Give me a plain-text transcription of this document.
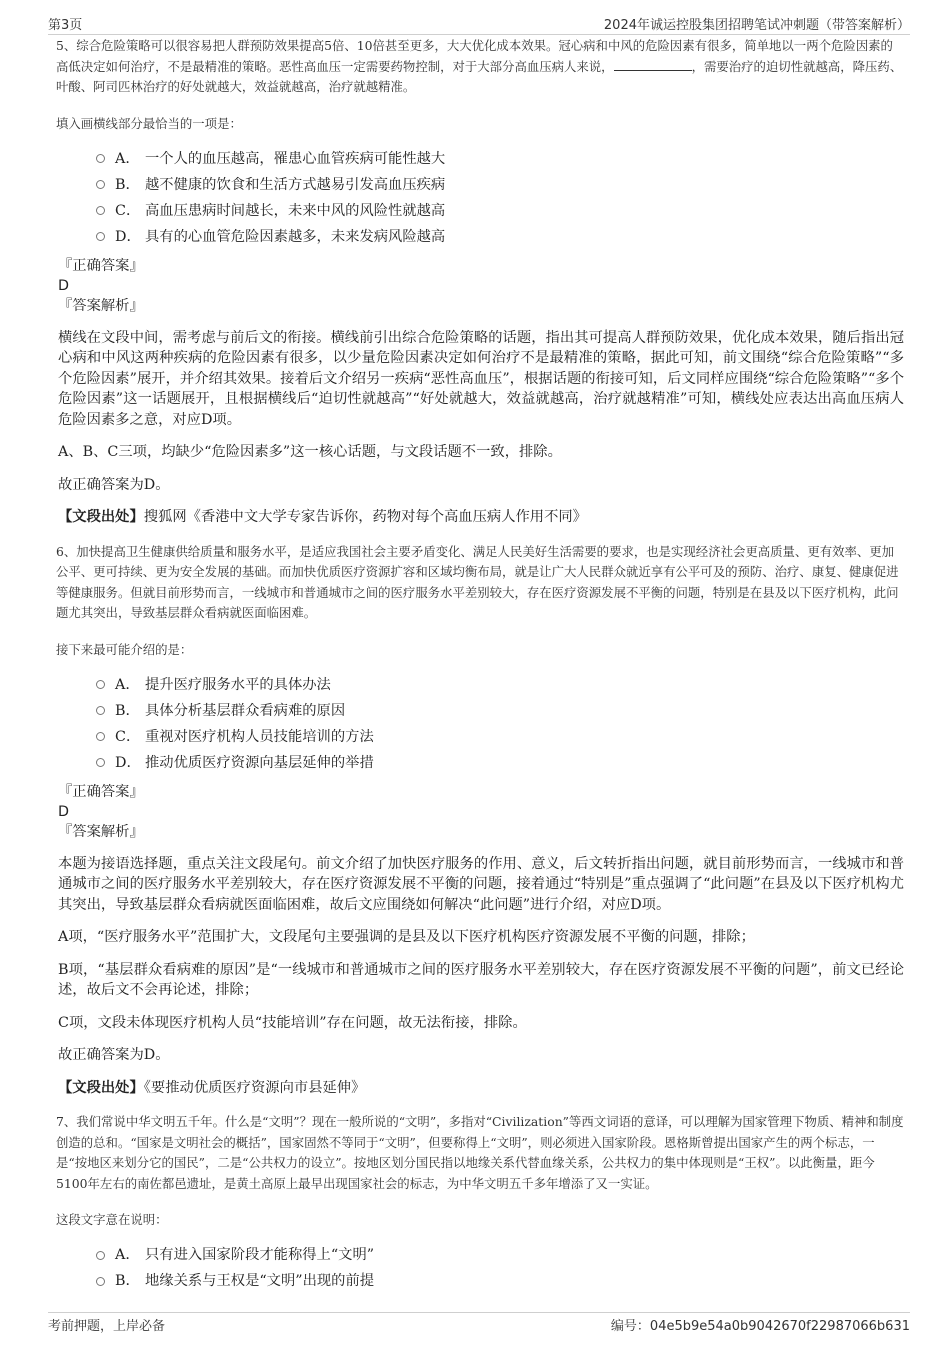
第3页	2024年诚运控股集团招聘笔试冲刺题（带答案解析）

5、综合危险策略可以很容易把人群预防效果提高5倍、10倍甚至更多，大大优化成本效果。冠心病和中风的危险因素有很多，简单地以一两个危险因素的高低决定如何治疗，不是最精准的策略。恶性高血压一定需要药物控制，对于大部分高血压病人来说，	，需要治疗的迫切性就越高，降压药、叶酸、阿司匹林治疗的好处就越大，效益就越高，治疗就越精准。

填入画横线部分最恰当的一项是：

A． 一个人的血压越高，罹患心血管疾病可能性越大
B． 越不健康的饮食和生活方式越易引发高血压疾病
C． 高血压患病时间越长，未来中风的风险性就越高
D． 具有的心血管危险因素越多，未来发病风险越高
『正确答案』
D
『答案解析』

横线在文段中间，需考虑与前后文的衔接。横线前引出综合危险策略的话题，指出其可提高人群预防效果，优化成本效果，随后指出冠心病和中风这两种疾病的危险因素有很多，以少量危险因素决定如何治疗不是最精准的策略，据此可知，前文围绕“综合危险策略”“多个危险因素”展开，并介绍其效果。接着后文介绍另一疾病“恶性高血压”，根据话题的衔接可知，后文同样应围绕“综合危险策略”“多个危险因素”这一话题展开，且根据横线后“迫切性就越高”“好处就越大，效益就越高，治疗就越精准”可知，横线处应表达出高血压病人危险因素多之意，对应D项。

A、B、C三项，均缺少“危险因素多”这一核心话题，与文段话题不一致，排除。

故正确答案为D。

【文段出处】搜狐网《香港中文大学专家告诉你，药物对每个高血压病人作用不同》

6、加快提高卫生健康供给质量和服务水平，是适应我国社会主要矛盾变化、满足人民美好生活需要的要求，也是实现经济社会更高质量、更有效率、更加公平、更可持续、更为安全发展的基础。而加快优质医疗资源扩容和区域均衡布局，就是让广大人民群众就近享有公平可及的预防、治疗、康复、健康促进等健康服务。但就目前形势而言，一线城市和普通城市之间的医疗服务水平差别较大，存在医疗资源发展不平衡的问题，特别是在县及以下医疗机构，此问题尤其突出，导致基层群众看病就医面临困难。

接下来最可能介绍的是：

A． 提升医疗服务水平的具体办法
B． 具体分析基层群众看病难的原因
C． 重视对医疗机构人员技能培训的方法
D． 推动优质医疗资源向基层延伸的举措
『正确答案』
D
『答案解析』

本题为接语选择题，重点关注文段尾句。前文介绍了加快医疗服务的作用、意义，后文转折指出问题，就目前形势而言，一线城市和普通城市之间的医疗服务水平差别较大，存在医疗资源发展不平衡的问题，接着通过“特别是”重点强调了“此问题”在县及以下医疗机构尤其突出，导致基层群众看病就医面临困难，故后文应围绕如何解决“此问题”进行介绍，对应D项。

A项，“医疗服务水平”范围扩大，文段尾句主要强调的是县及以下医疗机构医疗资源发展不平衡的问题，排除；

B项，“基层群众看病难的原因”是“一线城市和普通城市之间的医疗服务水平差别较大，存在医疗资源发展不平衡的问题”，前文已经论述，故后文不会再论述，排除；

C项，文段未体现医疗机构人员“技能培训”存在问题，故无法衔接，排除。

故正确答案为D。

【文段出处】《要推动优质医疗资源向市县延伸》

7、我们常说中华文明五千年。什么是“文明”？现在一般所说的“文明”，多指对“Civilization”等西文词语的意译，可以理解为国家管理下物质、精神和制度创造的总和。“国家是文明社会的概括”，国家固然不等同于“文明”，但要称得上“文明”，则必须进入国家阶段。恩格斯曾提出国家产生的两个标志，一是“按地区来划分它的国民”，二是“公共权力的设立”。按地区划分国民指以地缘关系代替血缘关系，公共权力的集中体现则是“王权”。以此衡量，距今5100年左右的南佐都邑遗址，是黄土高原上最早出现国家社会的标志，为中华文明五千多年增添了又一实证。

这段文字意在说明：

A． 只有进入国家阶段才能称得上“文明”
B． 地缘关系与王权是“文明”出现的前提
考前押题，上岸必备	编号：04e5b9e54a0b9042670f22987066b631
